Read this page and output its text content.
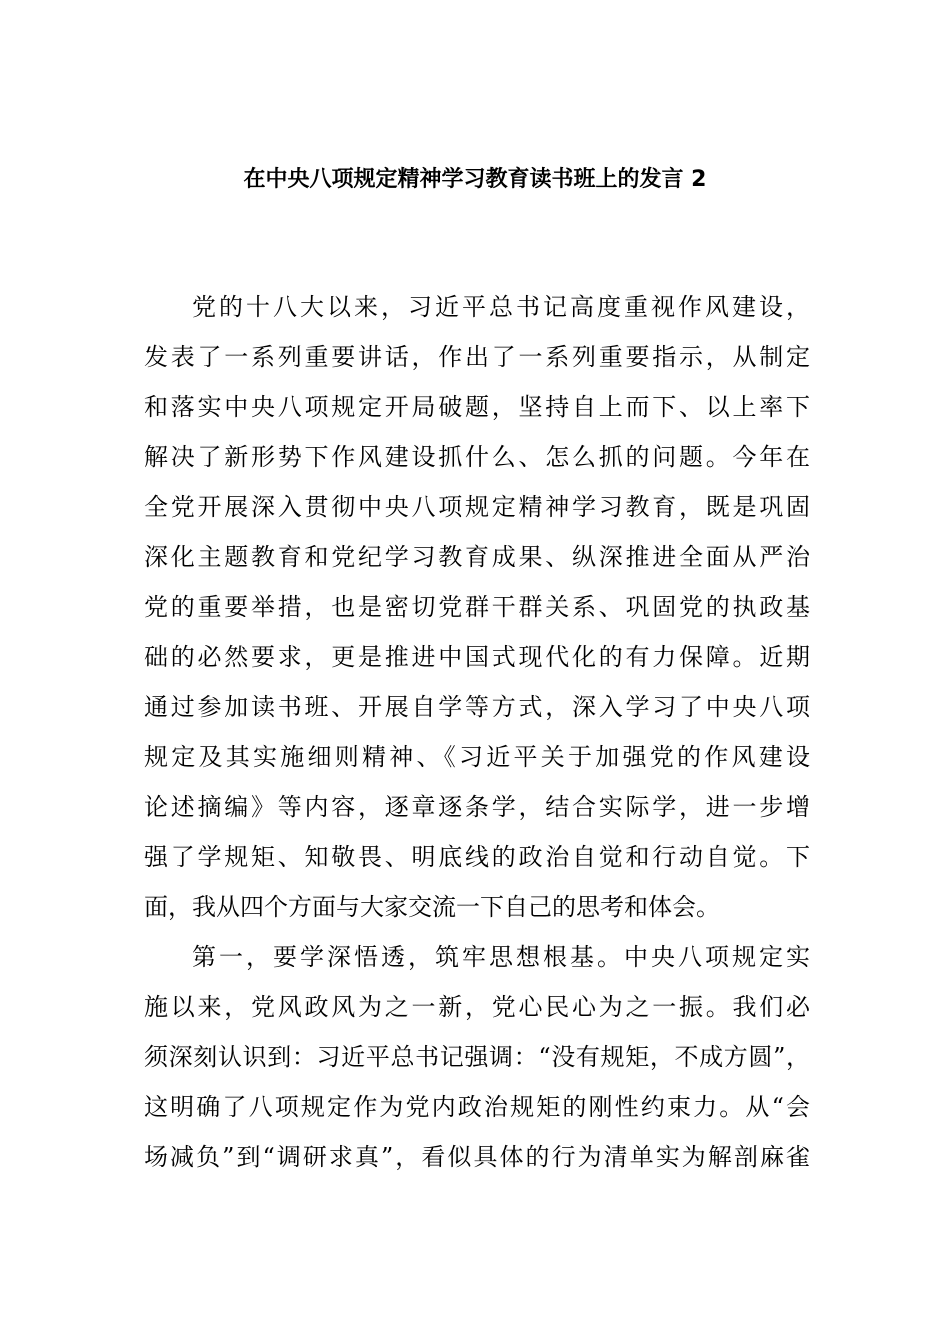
在中央八项规定精神学习教育读书班上的发言 2
党的十八大以来，习近平总书记高度重视作风建设，
发表了一系列重要讲话，作出了一系列重要指示，从制定
和落实中央八项规定开局破题，坚持自上而下、以上率下
解决了新形势下作风建设抓什么、怎么抓的问题。今年在
全党开展深入贯彻中央八项规定精神学习教育，既是巩固
深化主题教育和党纪学习教育成果、纵深推进全面从严治
党的重要举措，也是密切党群干群关系、巩固党的执政基
础的必然要求，更是推进中国式现代化的有力保障。近期
通过参加读书班、开展自学等方式，深入学习了中央八项
规定及其实施细则精神、《习近平关于加强党的作风建设
论述摘编》等内容，逐章逐条学，结合实际学，进一步增
强了学规矩、知敬畏、明底线的政治自觉和行动自觉。下
面，我从四个方面与大家交流一下自己的思考和体会。
第一，要学深悟透，筑牢思想根基。中央八项规定实
施以来，党风政风为之一新，党心民心为之一振。我们必
须深刻认识到：习近平总书记强调：“没有规矩，不成方圆”，
这明确了八项规定作为党内政治规矩的刚性约束力。从“会
场减负”到“调研求真”，看似具体的行为清单实为解剖麻雀
